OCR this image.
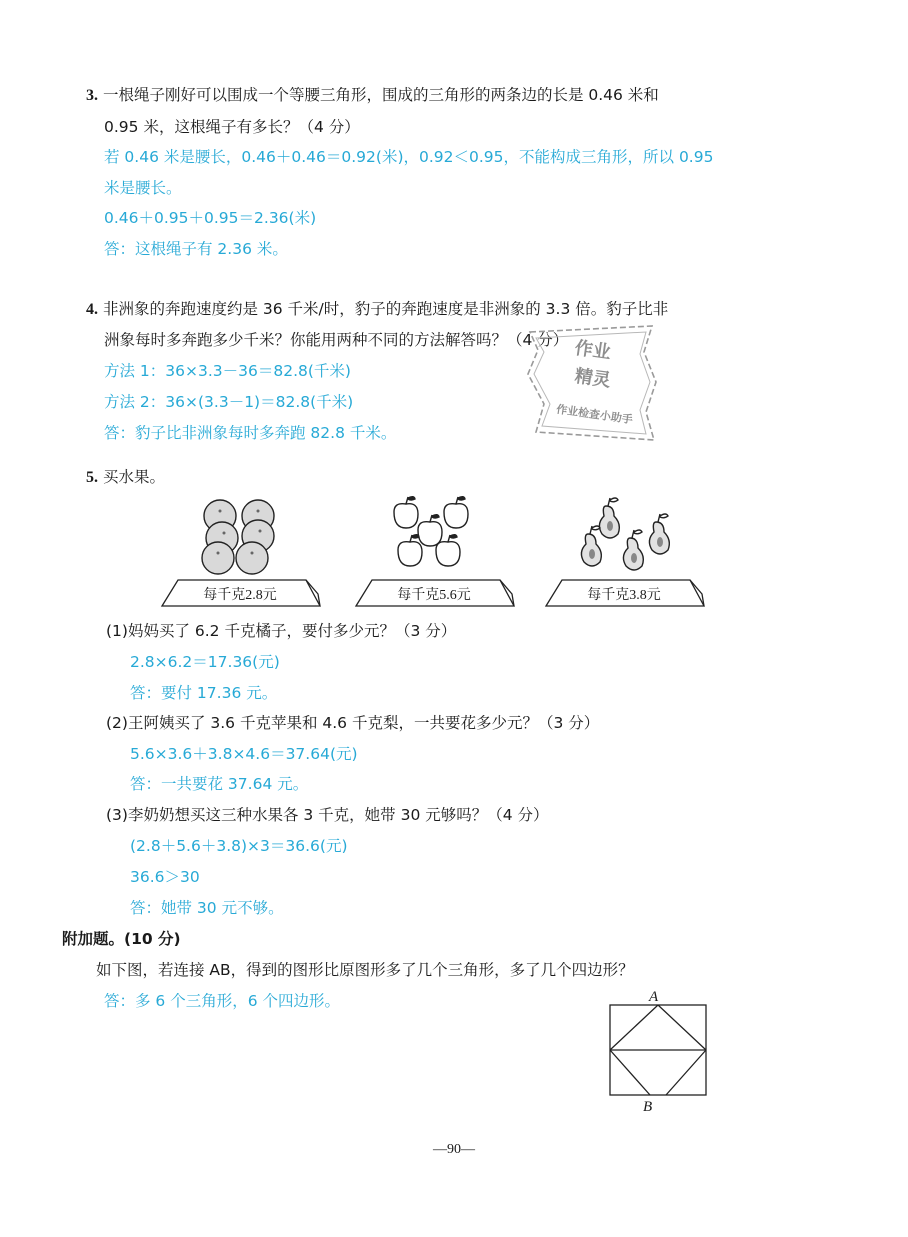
3. 一根绳子刚好可以围成一个等腰三角形，围成的三角形的两条边的长是 0.46 米和
0.95 米，这根绳子有多长？（4 分）
若 0.46 米是腰长，0.46＋0.46＝0.92(米)，0.92＜0.95，不能构成三角形，所以 0.95
米是腰长。
0.46＋0.95＋0.95＝2.36(米)
答：这根绳子有 2.36 米。
4. 非洲象的奔跑速度约是 36 千米/时，豹子的奔跑速度是非洲象的 3.3 倍。豹子比非
洲象每时多奔跑多少千米？你能用两种不同的方法解答吗？（4 分）
方法 1：36×3.3－36＝82.8(千米)
方法 2：36×(3.3－1)＝82.8(千米)
答：豹子比非洲象每时多奔跑 82.8 千米。
作业
精灵
作业检查小助手
5. 买水果。
每千克2.8元	每千克5.6元	每千克3.8元
(1)妈妈买了 6.2 千克橘子，要付多少元？（3 分）
2.8×6.2＝17.36(元)
答：要付 17.36 元。
(2)王阿姨买了 3.6 千克苹果和 4.6 千克梨，一共要花多少元？（3 分）
5.6×3.6＋3.8×4.6＝37.64(元)
答：一共要花 37.64 元。
(3)李奶奶想买这三种水果各 3 千克，她带 30 元够吗？（4 分）
(2.8＋5.6＋3.8)×3＝36.6(元)
36.6＞30
答：她带 30 元不够。
附加题。(10 分)
如下图，若连接 AB，得到的图形比原图形多了几个三角形，多了几个四边形？
答：多 6 个三角形，6 个四边形。	A
B
—90—
